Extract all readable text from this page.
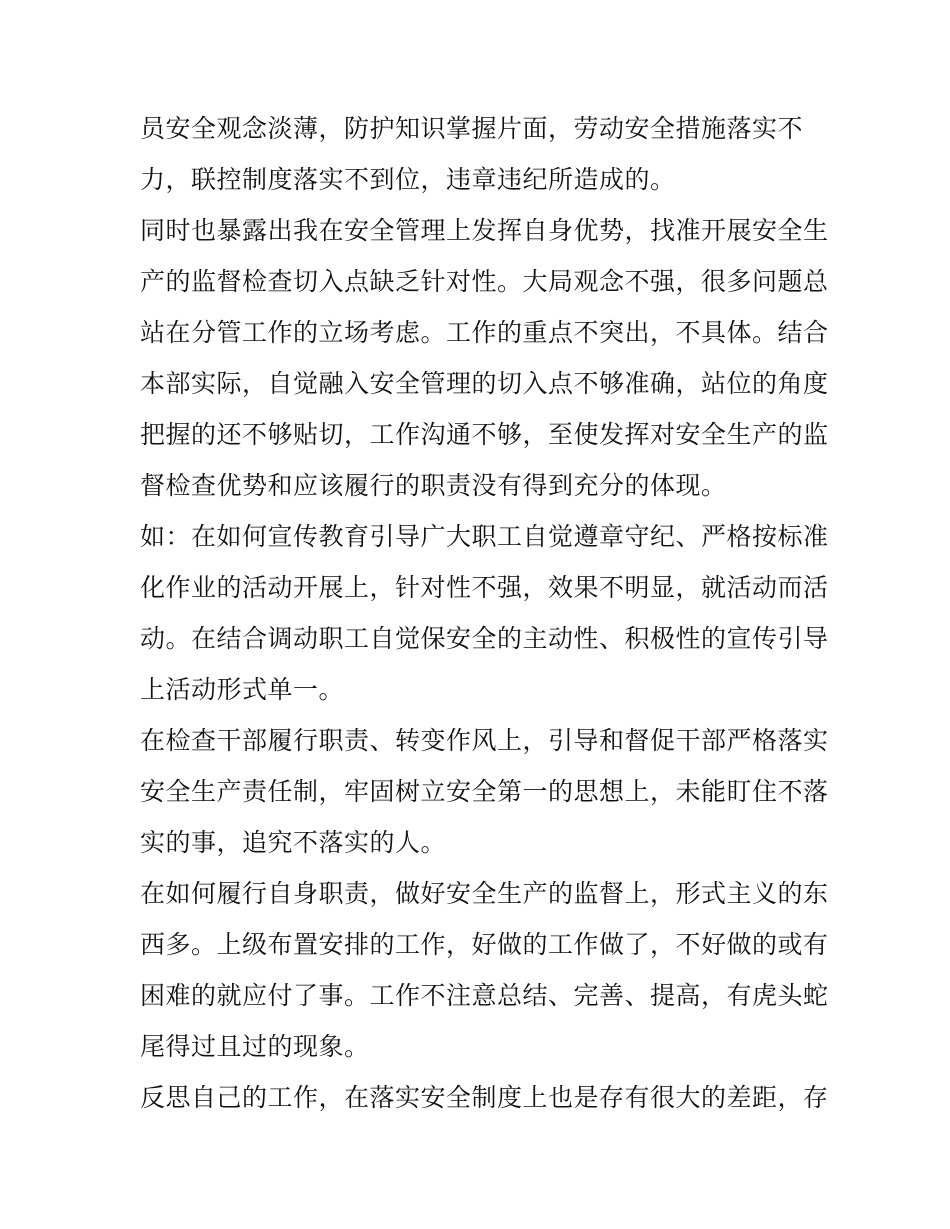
员安全观念淡薄，防护知识掌握片面，劳动安全措施落实不
力，联控制度落实不到位，违章违纪所造成的。
同时也暴露出我在安全管理上发挥自身优势，找准开展安全生
产的监督检查切入点缺乏针对性。大局观念不强，很多问题总
站在分管工作的立场考虑。工作的重点不突出，不具体。结合
本部实际，自觉融入安全管理的切入点不够准确，站位的角度
把握的还不够贴切，工作沟通不够，至使发挥对安全生产的监
督检查优势和应该履行的职责没有得到充分的体现。
如：在如何宣传教育引导广大职工自觉遵章守纪、严格按标准
化作业的活动开展上，针对性不强，效果不明显，就活动而活
动。在结合调动职工自觉保安全的主动性、积极性的宣传引导
上活动形式单一。
在检查干部履行职责、转变作风上，引导和督促干部严格落实
安全生产责任制，牢固树立安全第一的思想上，未能盯住不落
实的事，追究不落实的人。
在如何履行自身职责，做好安全生产的监督上，形式主义的东
西多。上级布置安排的工作，好做的工作做了，不好做的或有
困难的就应付了事。工作不注意总结、完善、提高，有虎头蛇
尾得过且过的现象。
反思自己的工作，在落实安全制度上也是存有很大的差距，存
